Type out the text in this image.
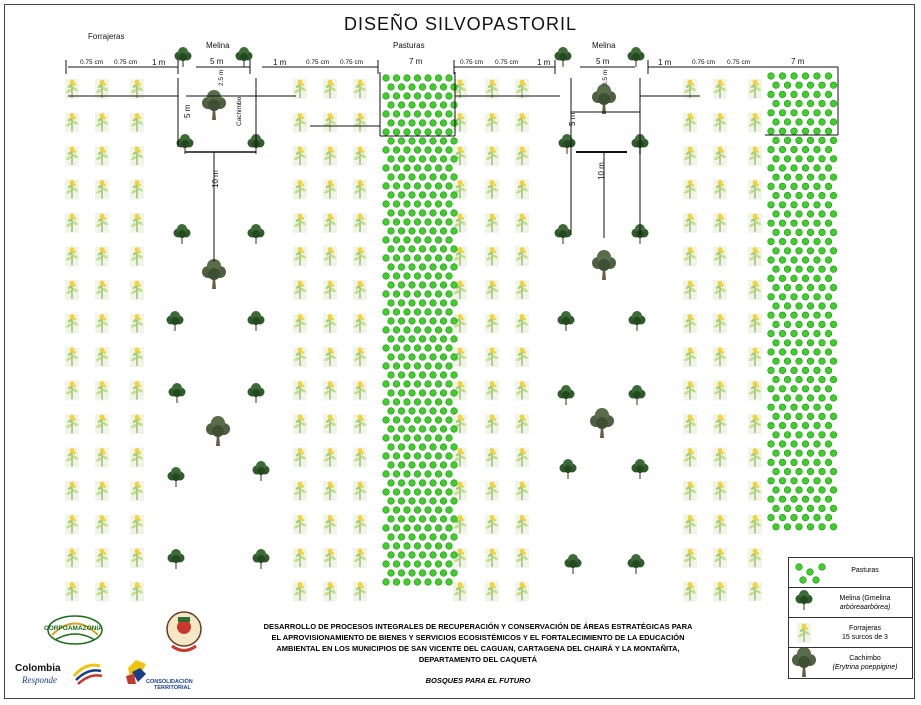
DISEÑO SILVOPASTORIL
Forrajeras
Melina	Pasturas	Melina
0.75 cm 0.75 cm 1 m	5 m	1 m	0.75 cm 0.75 cm	7 m	0.75 cm 0.75 cm 1 m	5 m	1 m	0.75 cm 0.75 cm	7 m
2.5 m
Cachimbo
5 m
10 m
3.5 m
5 m
10 m
Pasturas
Melina (Gmelina
arbóreaarbórea)
Forrajeras
15 surcos de 3
Cachimbo
(Erytrina poeppigine)
DESARROLLO DE PROCESOS INTEGRALES DE RECUPERACIÓN Y CONSERVACIÓN DE ÁREAS ESTRATÉGICAS PARA
EL APROVISIONAMIENTO DE BIENES Y SERVICIOS ECOSISTÉMICOS Y EL FORTALECIMIENTO DE LA EDUCACIÓN
AMBIENTAL EN LOS MUNICIPIOS DE SAN VICENTE DEL CAGUAN, CARTAGENA DEL CHAIRÁ Y LA MONTAÑITA,
DEPARTAMENTO DEL CAQUETÁ
BOSQUES PARA EL FUTURO
CORPOAMAZONIA
Colombia
Responde	CONSOLIDACIÓN
TERRITORIAL
